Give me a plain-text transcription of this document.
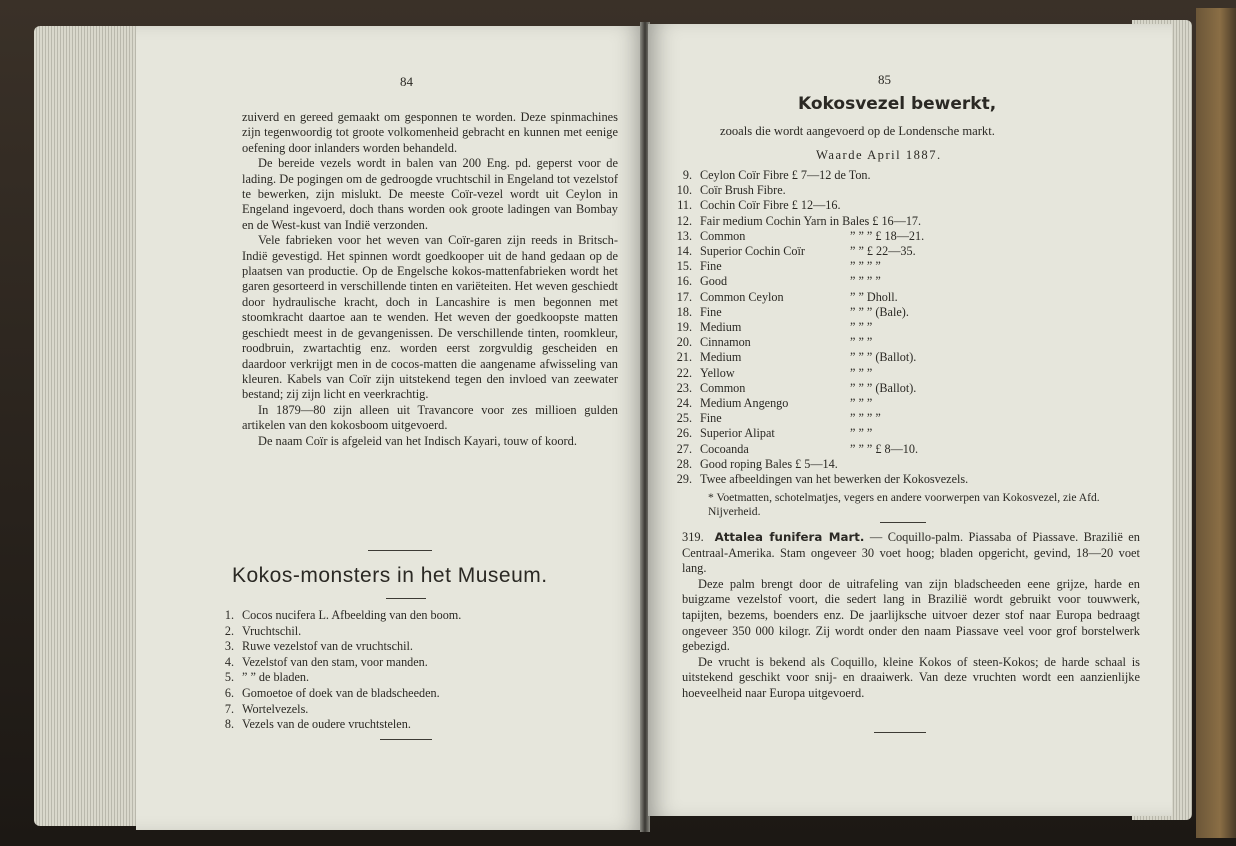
84

zuiverd en gereed gemaakt om gesponnen te worden. Deze spinmachines zijn tegenwoordig tot groote volkomenheid gebracht en kunnen met eenige oefening door inlanders worden behandeld.

De bereide vezels wordt in balen van 200 Eng. pd. geperst voor de lading. De pogingen om de gedroogde vruchtschil in Engeland tot vezelstof te bewerken, zijn mislukt. De meeste Coïr-vezel wordt uit Ceylon in Engeland ingevoerd, doch thans worden ook groote ladingen van Bombay en de West-kust van Indië verzonden.

Vele fabrieken voor het weven van Coïr-garen zijn reeds in Britsch-Indië gevestigd. Het spinnen wordt goedkooper uit de hand gedaan op de plaatsen van productie. Op de Engelsche kokos-mattenfabrieken wordt het garen gesorteerd in verschillende tinten en variëteiten. Het weven geschiedt door hydraulische kracht, doch in Lancashire is men begonnen met stoomkracht daartoe aan te wenden. Het weven der goedkoopste matten geschiedt meest in de gevangenissen. De verschillende tinten, roomkleur, roodbruin, zwartachtig enz. worden eerst zorgvuldig gescheiden en daardoor verkrijgt men in de cocos-matten die aangename afwisseling van kleuren. Kabels van Coïr zijn uitstekend tegen den invloed van zeewater bestand; zij zijn licht en veerkrachtig.

In 1879—80 zijn alleen uit Travancore voor zes millioen gulden artikelen van den kokosboom uitgevoerd.

De naam Coïr is afgeleid van het Indisch Kayari, touw of koord.

Kokos-monsters in het Museum.
1. Cocos nucifera L. Afbeelding van den boom.
2. Vruchtschil.
3. Ruwe vezelstof van de vruchtschil.
4. Vezelstof van den stam, voor manden.
5. ” ” de bladen.
6. Gomoetoe of doek van de bladscheeden.
7. Wortelvezels.
8. Vezels van de oudere vruchtstelen.
85
Kokosvezel bewerkt,
zooals die wordt aangevoerd op de Londensche markt.
Waarde April 1887.
9. Ceylon Coïr Fibre £ 7—12 de Ton.
10. Coïr Brush Fibre.
11. Cochin Coïr Fibre £ 12—16.
12. Fair medium Cochin Yarn in Bales £ 16—17.
13. Common	” ” ” £ 18—21.
14. Superior Cochin Coïr	” ” £ 22—35.
15. Fine	” ” ” ”
16. Good	” ” ” ”
17. Common Ceylon	” ” Dholl.
18. Fine	” ” ” (Bale).
19. Medium	” ” ”
20. Cinnamon	” ” ”
21. Medium	” ” ” (Ballot).
22. Yellow	” ” ”
23. Common	” ” ” (Ballot).
24. Medium Angengo	” ” ”
25. Fine	” ” ” ”
26. Superior Alipat	” ” ”
27. Cocoanda	” ” ” £ 8—10.
28. Good roping Bales £ 5—14.
29. Twee afbeeldingen van het bewerken der Kokosvezels.
* Voetmatten, schotelmatjes, vegers en andere voorwerpen van Kokosvezel, zie Afd. Nijverheid.

319. Attalea funifera Mart. — Coquillo-palm. Piassaba of Piassave. Brazilië en Centraal-Amerika. Stam ongeveer 30 voet hoog; bladen opgericht, gevind, 18—20 voet lang.

Deze palm brengt door de uitrafeling van zijn bladscheeden eene grijze, harde en buigzame vezelstof voort, die sedert lang in Brazilië wordt gebruikt voor touwwerk, tapijten, bezems, boenders enz. De jaarlijksche uitvoer dezer stof naar Europa bedraagt ongeveer 350 000 kilogr. Zij wordt onder den naam Piassave veel voor grof borstelwerk gebezigd.

De vrucht is bekend als Coquillo, kleine Kokos of steen-Kokos; de harde schaal is uitstekend geschikt voor snij- en draaiwerk. Van deze vruchten wordt een aanzienlijke hoeveelheid naar Europa uitgevoerd.
